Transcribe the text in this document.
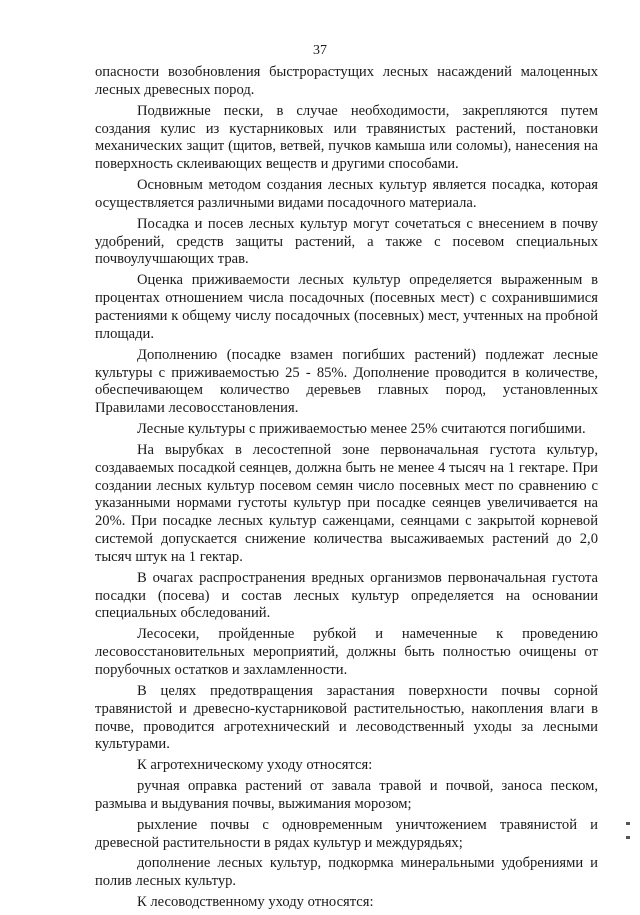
37

опасности возобновления быстрорастущих лесных насаждений малоценных лесных древесных пород.

Подвижные пески, в случае необходимости, закрепляются путем создания кулис из кустарниковых или травянистых растений, постановки механических защит (щитов, ветвей, пучков камыша или соломы), нанесения на поверхность склеивающих веществ и другими способами.

Основным методом создания лесных культур является посадка, которая осуществляется различными видами посадочного материала.

Посадка и посев лесных культур могут сочетаться с внесением в почву удобрений, средств защиты растений, а также с посевом специальных почвоулучшающих трав.

Оценка приживаемости лесных культур определяется выраженным в процентах отношением числа посадочных (посевных мест) с сохранившимися растениями к общему числу посадочных (посевных) мест, учтенных на пробной площади.

Дополнению (посадке взамен погибших растений) подлежат лесные культуры с приживаемостью 25 - 85%. Дополнение проводится в количестве, обеспечивающем количество деревьев главных пород, установленных Правилами лесовосстановления.

Лесные культуры с приживаемостью менее 25% считаются погибшими.

На вырубках в лесостепной зоне первоначальная густота культур, создаваемых посадкой сеянцев, должна быть не менее 4 тысяч на 1 гектаре. При создании лесных культур посевом семян число посевных мест по сравнению с указанными нормами густоты культур при посадке сеянцев увеличивается на 20%. При посадке лесных культур саженцами, сеянцами с закрытой корневой системой допускается снижение количества высаживаемых растений до 2,0 тысяч штук на 1 гектар.

В очагах распространения вредных организмов первоначальная густота посадки (посева) и состав лесных культур определяется на основании специальных обследований.

Лесосеки, пройденные рубкой и намеченные к проведению лесовосстановительных мероприятий, должны быть полностью очищены от порубочных остатков и захламленности.

В целях предотвращения зарастания поверхности почвы сорной травянистой и древесно-кустарниковой растительностью, накопления влаги в почве, проводится агротехнический и лесоводственный уходы за лесными культурами.

К агротехническому уходу относятся:

ручная оправка растений от завала травой и почвой, заноса песком, размыва и выдувания почвы, выжимания морозом;

рыхление почвы с одновременным уничтожением травянистой и древесной растительности в рядах культур и междурядьях;

дополнение лесных культур, подкормка минеральными удобрениями и полив лесных культур.

К лесоводственному уходу относятся:
